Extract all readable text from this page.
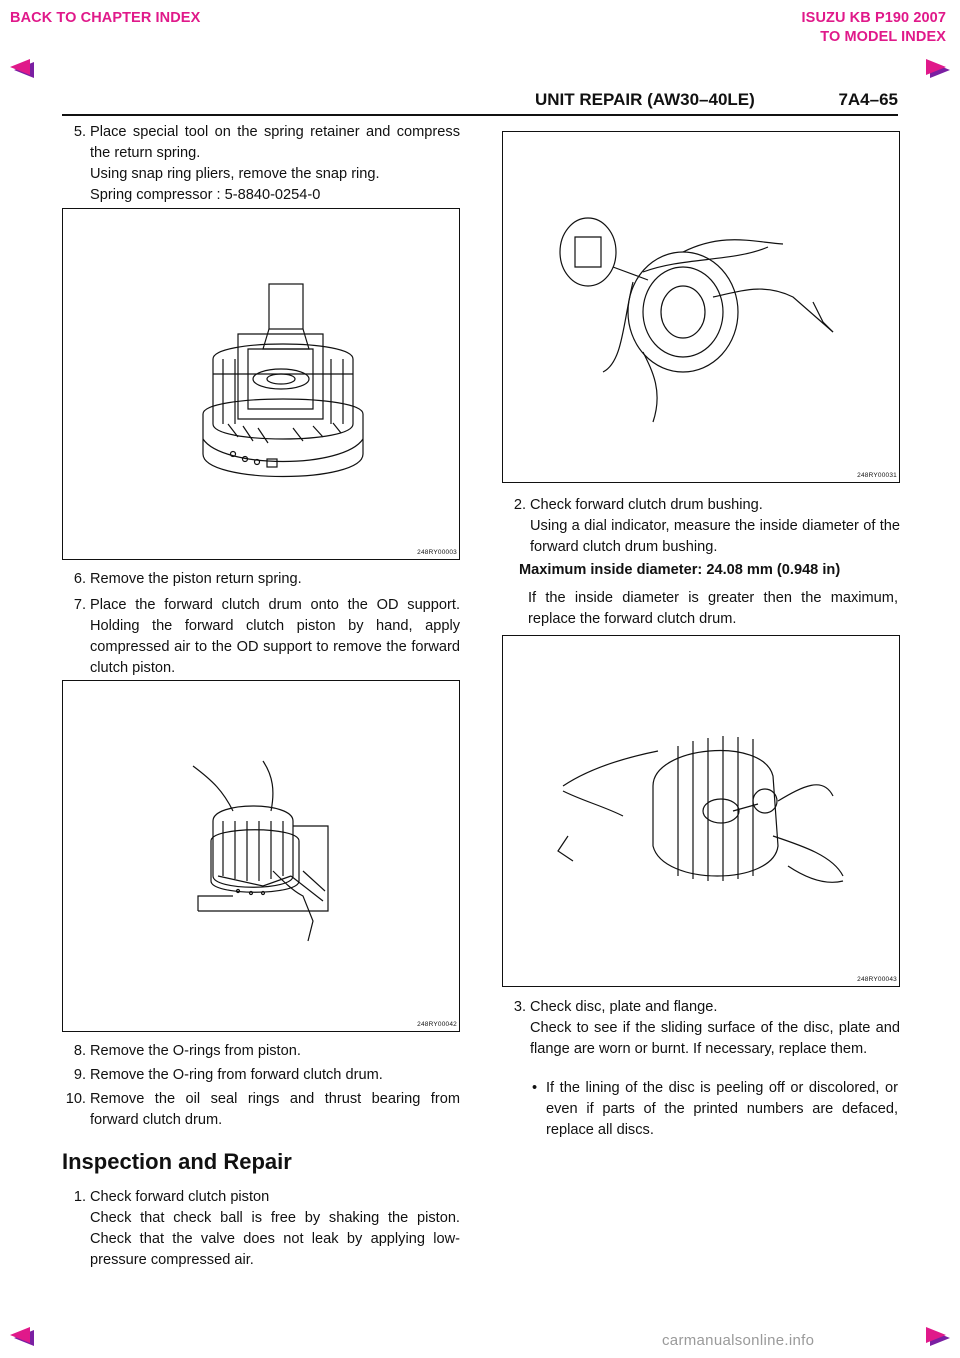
BACK TO CHAPTER INDEX	ISUZU KB P190 2007
TO MODEL INDEX
UNIT REPAIR (AW30–40LE)	7A4–65
5. Place special tool on the spring retainer and compress the return spring.
Using snap ring pliers, remove the snap ring.
Spring compressor : 5-8840-0254-0
248RY00003
6. Remove the piston return spring.
7. Place the forward clutch drum onto the OD support. Holding the forward clutch piston by hand, apply compressed air to the OD support to remove the forward clutch piston.
248RY00042
8. Remove the O-rings from piston.
9. Remove the O-ring from forward clutch drum.
10. Remove the oil seal rings and thrust bearing from forward clutch drum.
Inspection and Repair
1. Check forward clutch piston
Check that check ball is free by shaking the piston. Check that the valve does not leak by applying low-pressure compressed air.
248RY00031
2. Check forward clutch drum bushing.
Using a dial indicator, measure the inside diameter of the forward clutch drum bushing.
Maximum inside diameter: 24.08 mm (0.948 in)
If the inside diameter is greater then the maximum, replace the forward clutch drum.
248RY00043
3. Check disc, plate and flange.
Check to see if the sliding surface of the disc, plate and flange are worn or burnt. If necessary, replace them.
• If the lining of the disc is peeling off or discolored, or even if parts of the printed numbers are defaced, replace all discs.
carmanualsonline.info
